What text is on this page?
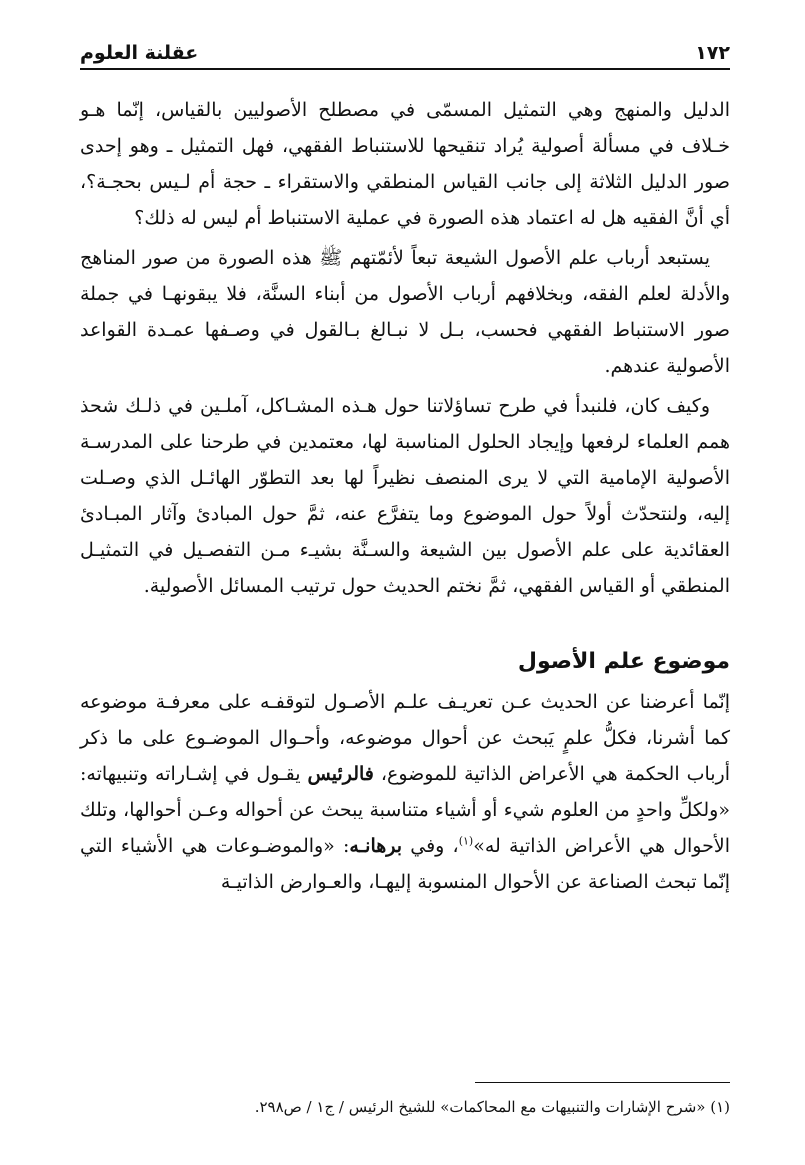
١٧٢
عقلنة العلوم

الدليل والمنهج وهي التمثيل المسمّى في مصطلح الأصوليين بالقياس، إنّما هـو خـلاف في مسألة أصولية يُراد تنقيحها للاستنباط الفقهي، فهل التمثيل ـ وهو إحدى صور الدليل الثلاثة إلى جانب القياس المنطقي والاستقراء ـ حجة أم لـيس بحجـة؟، أي أنَّ الفقيه هل له اعتماد هذه الصورة في عملية الاستنباط أم ليس له ذلك؟

يستبعد أرباب علم الأصول الشيعة تبعاً لأئمّتهم ﷺ هذه الصورة من صور المناهج والأدلة لعلم الفقه، وبخلافهم أرباب الأصول من أبناء السنَّة، فلا يبقونهـا في جملة صور الاستنباط الفقهي فحسب، بـل لا نبـالغ بـالقول في وصـفها عمـدة القواعد الأصولية عندهم.

وكيف كان، فلنبدأ في طرح تساؤلاتنا حول هـذه المشـاكل، آملـين في ذلـك شحذ همم العلماء لرفعها وإيجاد الحلول المناسبة لها، معتمدين في طرحنا على المدرسـة الأصولية الإمامية التي لا يرى المنصف نظيراً لها بعد التطوّر الهائـل الذي وصـلت إليه، ولنتحدّث أولاً حول الموضوع وما يتفرَّع عنه، ثمَّ حول المبادئ وآثار المبـادئ العقائدية على علم الأصول بين الشيعة والسـنَّة بشيـء مـن التفصـيل في التمثيـل المنطقي أو القياس الفقهي، ثمَّ نختم الحديث حول ترتيب المسائل الأصولية.

موضوع علم الأصول

إنّما أعرضنا عن الحديث عـن تعريـف علـم الأصـول لتوقفـه على معرفـة موضوعه كما أشرنا، فكلُّ علمٍ يَبحث عن أحوال موضوعه، وأحـوال الموضـوع على ما ذكر أرباب الحكمة هي الأعراض الذاتية للموضوع، فالرئيس يقـول في إشـاراته وتنبيهاته: «ولكلِّ واحدٍ من العلوم شيء أو أشياء متناسبة يبحث عن أحواله وعـن أحوالها، وتلك الأحوال هي الأعراض الذاتية له»$^{(١)}$، وفي برهانـه: «والموضـوعات هي الأشياء التي إنّما تبحث الصناعة عن الأحوال المنسوبة إليهـا، والعـوارض الذاتيـة

(١) «شرح الإشارات والتنبيهات مع المحاكمات» للشيخ الرئيس / ج١ / ص٢٩٨.
